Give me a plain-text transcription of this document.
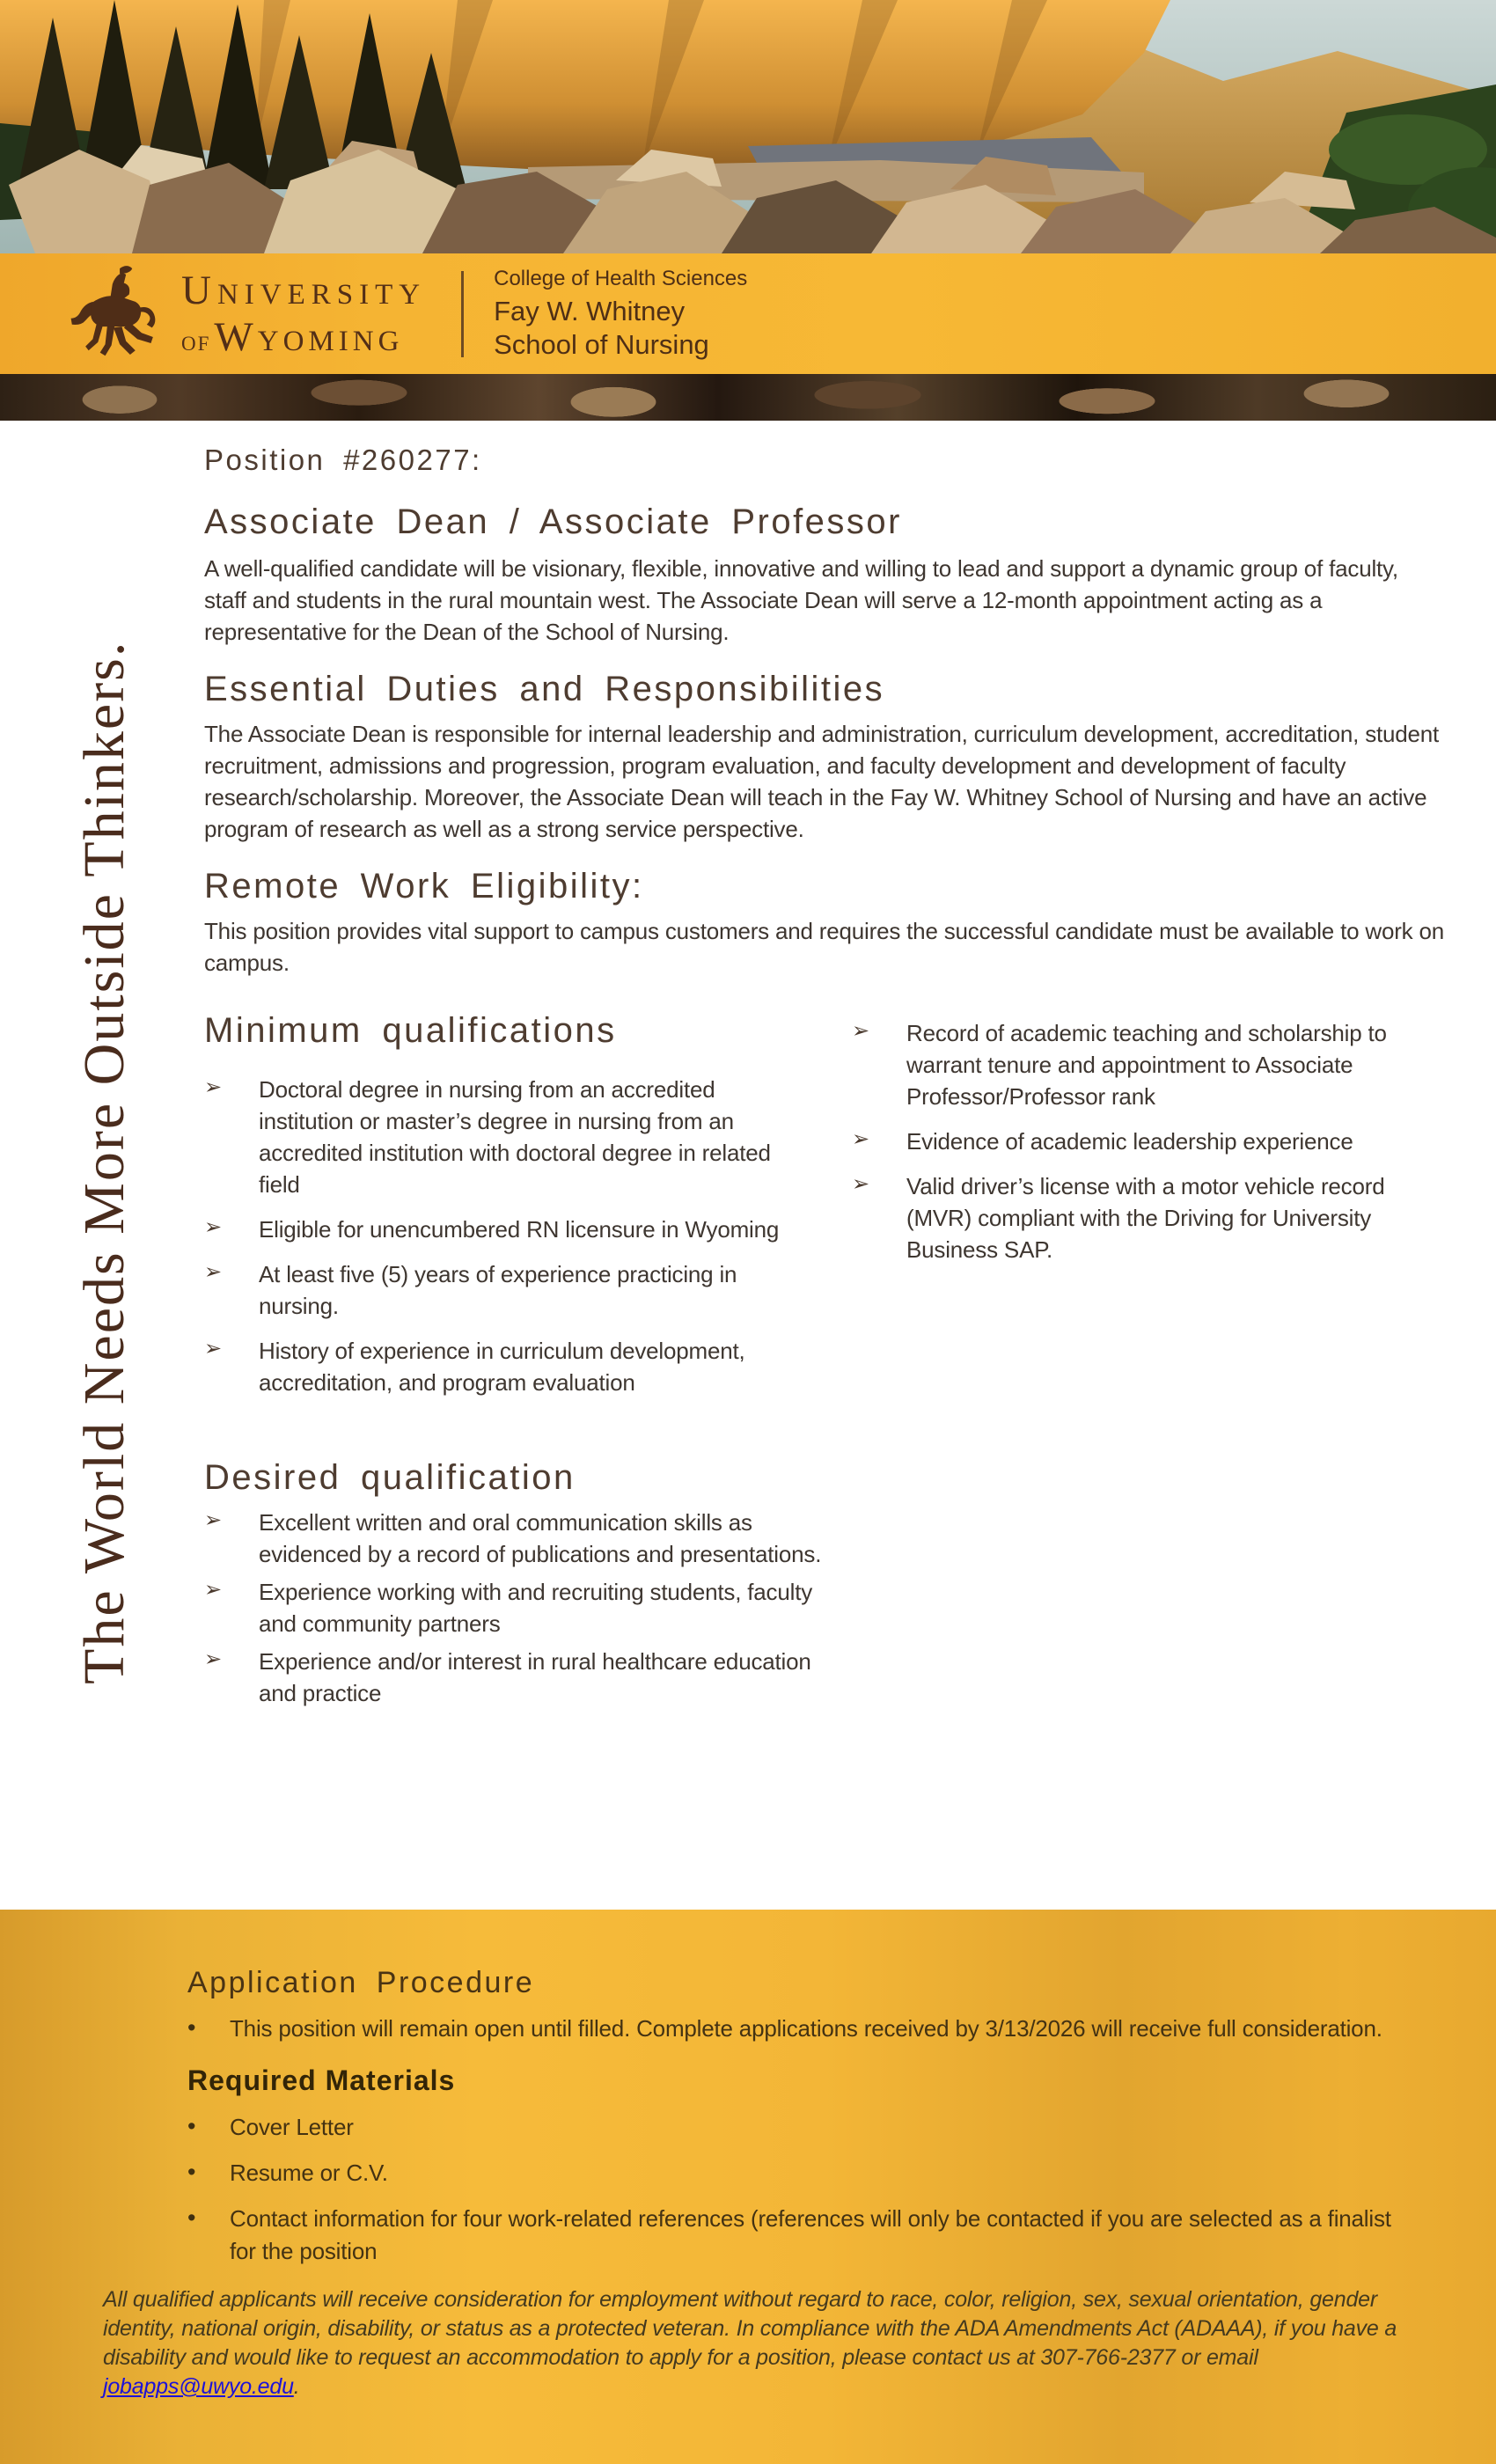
University
ofWyoming
College of Health Sciences
Fay W. Whitney
School of Nursing
The World Needs More Outside Thinkers.
Position #260277:
Associate Dean / Associate Professor

A well-qualified candidate will be visionary, flexible, innovative and willing to lead and support a dynamic group of faculty, staff and students in the rural mountain west. The Associate Dean will serve a 12-month appointment acting as a representative for the Dean of the School of Nursing.

Essential Duties and Responsibilities

The Associate Dean is responsible for internal leadership and administration, curriculum development, accreditation, student recruitment, admissions and progression, program evaluation, and faculty development and development of faculty research/scholarship. Moreover, the Associate Dean will teach in the Fay W. Whitney School of Nursing and have an active program of research as well as a strong service perspective.

Remote Work Eligibility:

This position provides vital support to campus customers and requires the successful candidate must be available to work on campus.

Minimum qualifications
➢	Doctoral degree in nursing from an accredited institution or master’s degree in nursing from an accredited institution with doctoral degree in related field
➢	Eligible for unencumbered RN licensure in Wyoming
➢	At least five (5) years of experience practicing in nursing.
➢	History of experience in curriculum development, accreditation, and program evaluation
➢	Record of academic teaching and scholarship to warrant tenure and appointment to Associate Professor/Professor rank
➢	Evidence of academic leadership experience
➢	Valid driver’s license with a motor vehicle record (MVR) compliant with the Driving for University Business SAP.
Desired qualification
➢	Excellent written and oral communication skills as evidenced by a record of publications and presentations.
➢	Experience working with and recruiting students, faculty and community partners
➢	Experience and/or interest in rural healthcare education and practice
Application Procedure
•	This position will remain open until filled. Complete applications received by 3/13/2026 will receive full consideration.
Required Materials
•	Cover Letter
•	Resume or C.V.
•	Contact information for four work-related references (references will only be contacted if you are selected as a finalist for the position

All qualified applicants will receive consideration for employment without regard to race, color, religion, sex, sexual orientation, gender identity, national origin, disability, or status as a protected veteran. In compliance with the ADA Amendments Act (ADAAA), if you have a disability and would like to request an accommodation to apply for a position, please contact us at 307-766-2377 or email jobapps@uwyo.edu.
